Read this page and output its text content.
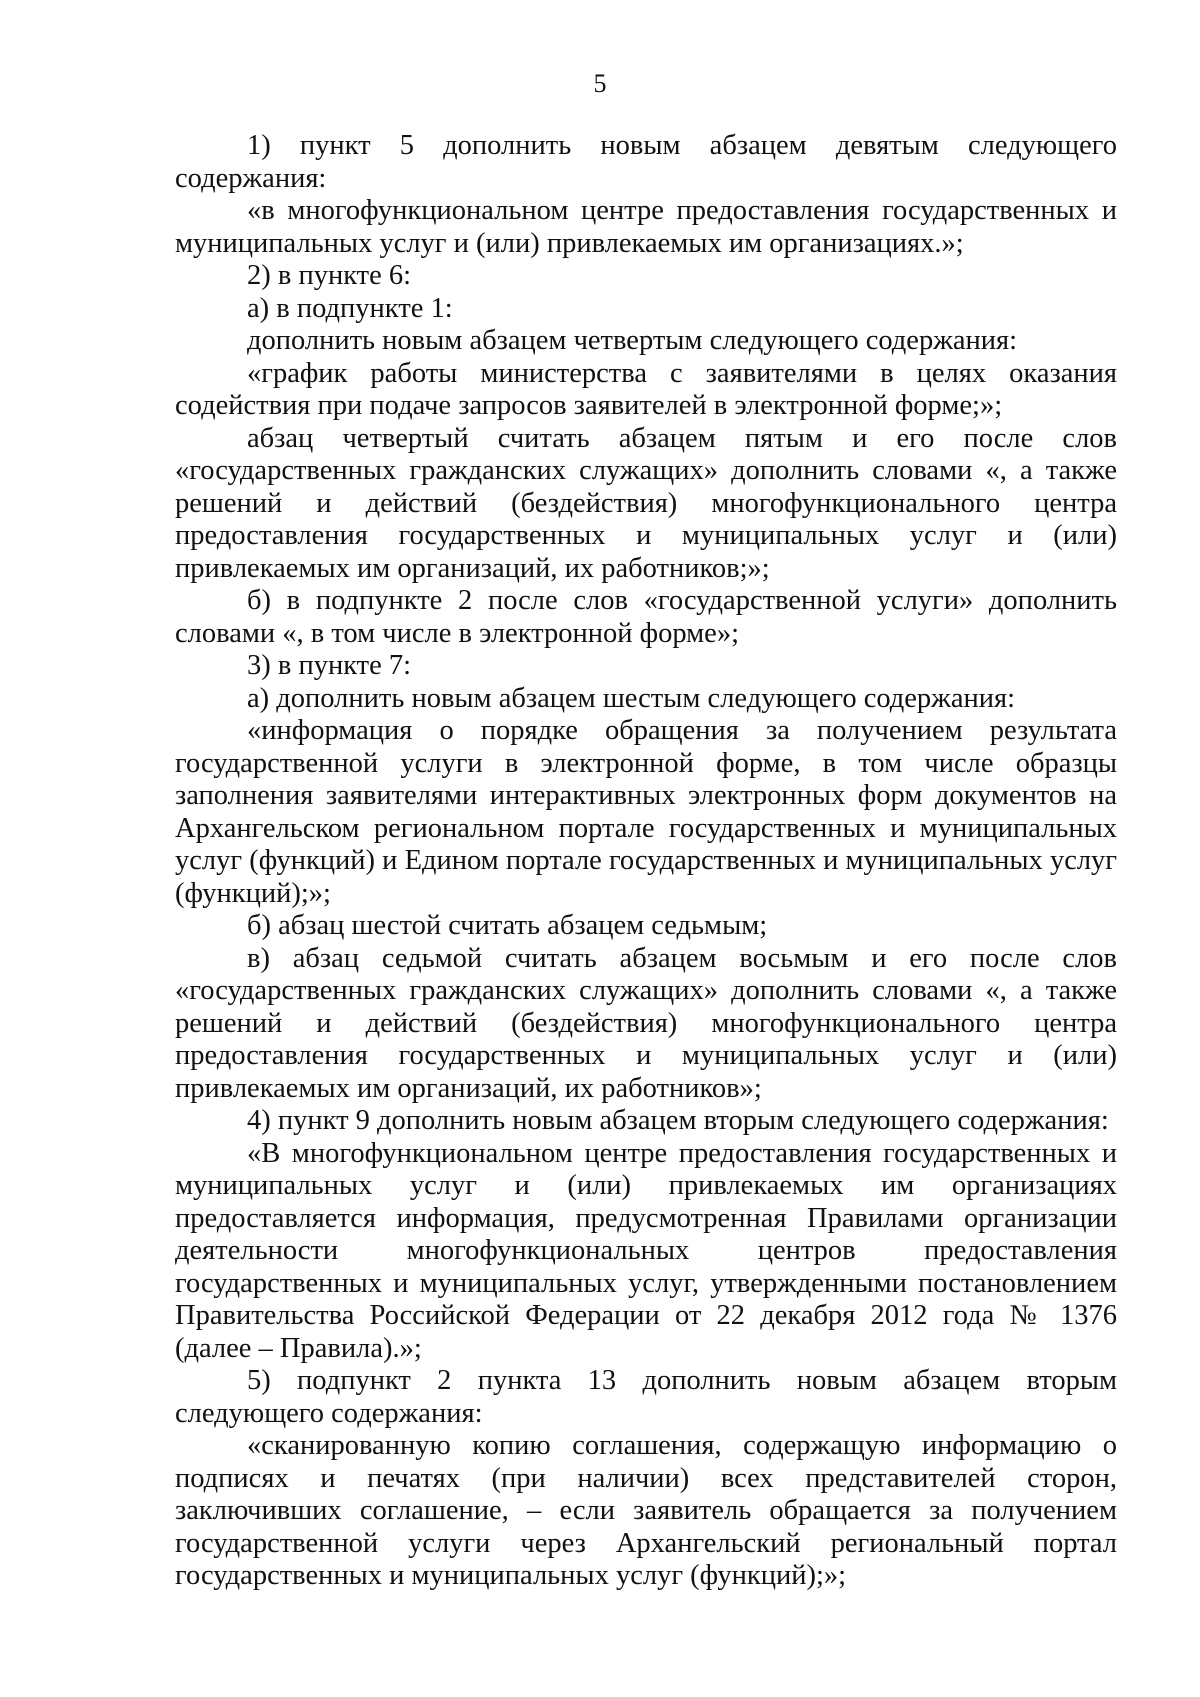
5

1) пункт 5 дополнить новым абзацем девятым следующего содержания:

«в многофункциональном центре предоставления государственных и муниципальных услуг и (или) привлекаемых им организациях.»;

2) в пункте 6:

а) в подпункте 1:

дополнить новым абзацем четвертым следующего содержания:

«график работы министерства с заявителями в целях оказания содействия при подаче запросов заявителей в электронной форме;»;

абзац четвертый считать абзацем пятым и его после слов «государственных гражданских служащих» дополнить словами «, а также решений и действий (бездействия) многофункционального центра предоставления государственных и муниципальных услуг и (или) привлекаемых им организаций, их работников;»;

б) в подпункте 2 после слов «государственной услуги» дополнить словами «, в том числе в электронной форме»;

3) в пункте 7:

а) дополнить новым абзацем шестым следующего содержания:

«информация о порядке обращения за получением результата государственной услуги в электронной форме, в том числе образцы заполнения заявителями интерактивных электронных форм документов на Архангельском региональном портале государственных и муниципальных услуг (функций) и Едином портале государственных и муниципальных услуг (функций);»;

б) абзац шестой считать абзацем седьмым;

в) абзац седьмой считать абзацем восьмым и его после слов «государственных гражданских служащих» дополнить словами «, а также решений и действий (бездействия) многофункционального центра предоставления государственных и муниципальных услуг и (или) привлекаемых им организаций, их работников»;

4) пункт 9 дополнить новым абзацем вторым следующего содержания:

«В многофункциональном центре предоставления государственных и муниципальных услуг и (или) привлекаемых им организациях предоставляется информация, предусмотренная Правилами организации деятельности многофункциональных центров предоставления государственных и муниципальных услуг, утвержденными постановлением Правительства Российской Федерации от 22 декабря 2012 года № 1376 (далее – Правила).»;

5) подпункт 2 пункта 13 дополнить новым абзацем вторым следующего содержания:

«сканированную копию соглашения, содержащую информацию о подписях и печатях (при наличии) всех представителей сторон, заключивших соглашение, – если заявитель обращается за получением государственной услуги через Архангельский региональный портал государственных и муниципальных услуг (функций);»;
